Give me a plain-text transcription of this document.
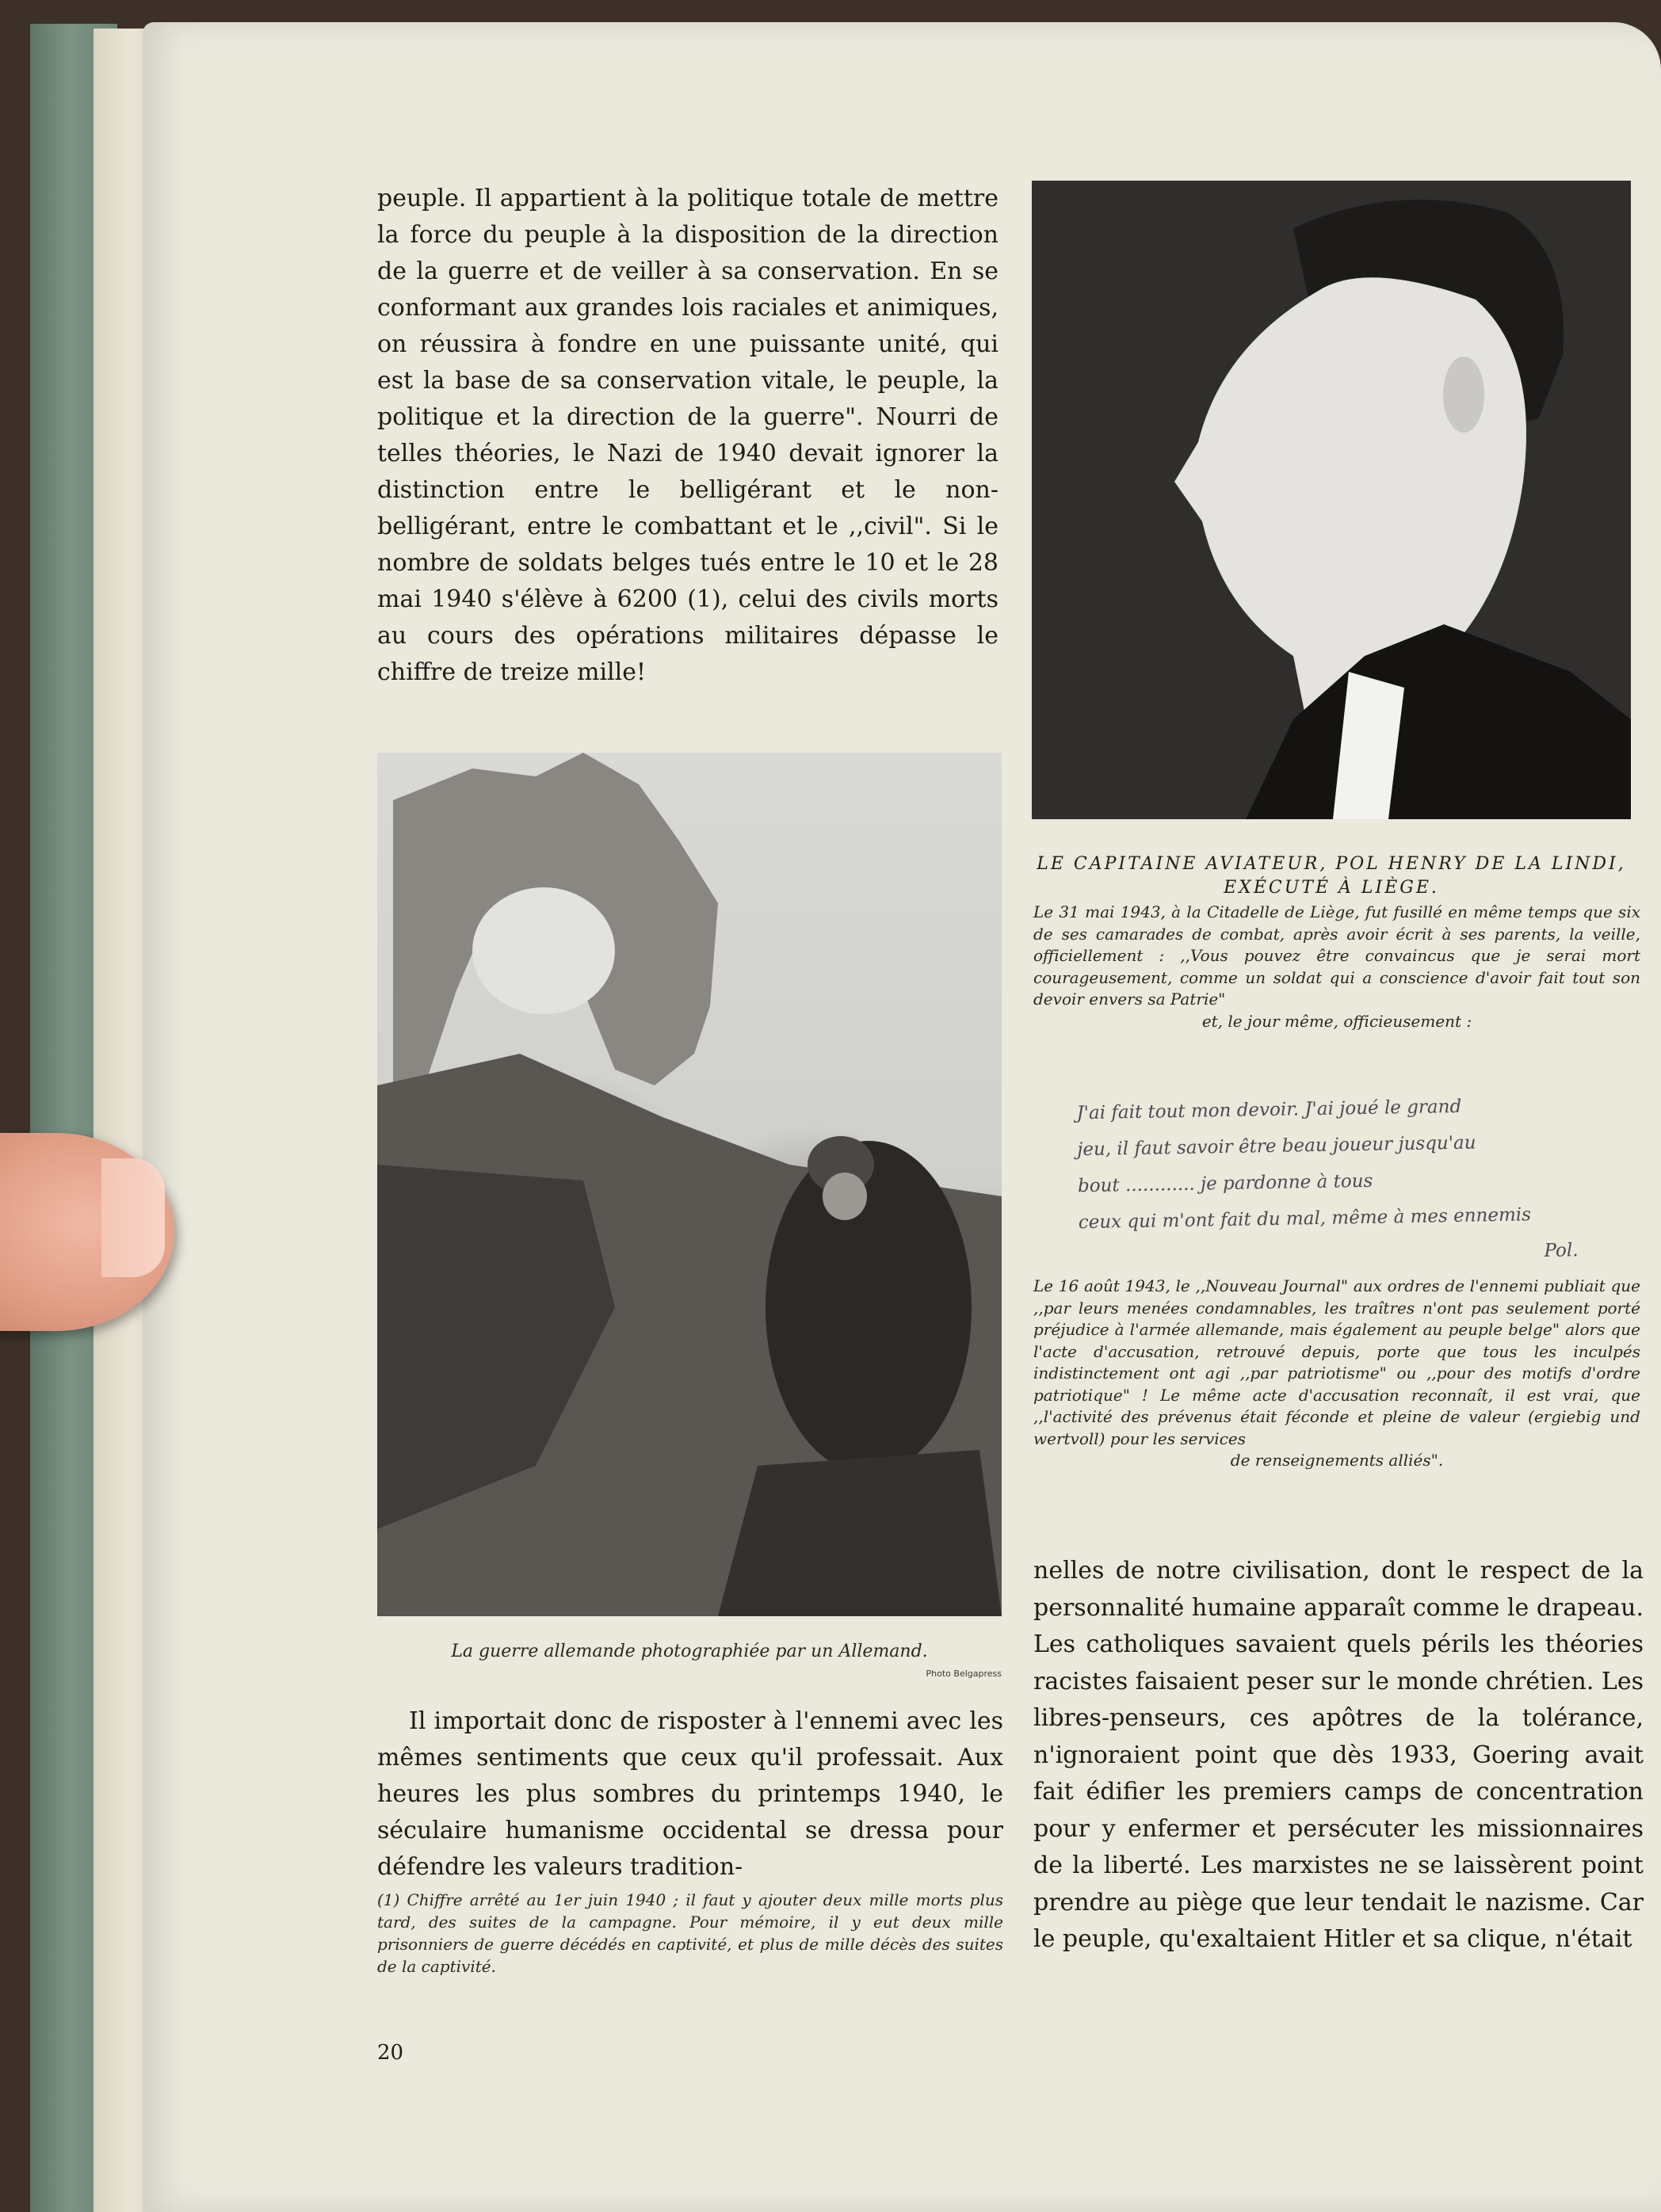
peuple. Il appartient à la politique totale de mettre la force du peuple à la disposition de la direction de la guerre et de veiller à sa conservation. En se conformant aux grandes lois raciales et animiques, on réussira à fondre en une puissante unité, qui est la base de sa conservation vitale, le peuple, la politique et la direction de la guerre". Nourri de telles théories, le Nazi de 1940 devait ignorer la distinction entre le belligérant et le non-belligérant, entre le combattant et le ,,civil". Si le nombre de soldats belges tués entre le 10 et le 28 mai 1940 s'élève à 6200 (1), celui des civils morts au cours des opérations militaires dépasse le chiffre de treize mille!
La guerre allemande photographiée par un Allemand.
Photo Belgapress
Il importait donc de risposter à l'ennemi avec les mêmes sentiments que ceux qu'il professait. Aux heures les plus sombres du printemps 1940, le séculaire humanisme occidental se dressa pour défendre les valeurs tradition-
(1) Chiffre arrêté au 1er juin 1940 ; il faut y ajouter deux mille morts plus tard, des suites de la campagne. Pour mémoire, il y eut deux mille prisonniers de guerre décédés en captivité, et plus de mille décès des suites de la captivité.
LE CAPITAINE AVIATEUR, POL HENRY DE LA LINDI, EXÉCUTÉ À LIÈGE.
Le 31 mai 1943, à la Citadelle de Liège, fut fusillé en même temps que six de ses camarades de combat, après avoir écrit à ses parents, la veille, officiellement : ,,Vous pouvez être convaincus que je serai mort courageusement, comme un soldat qui a conscience d'avoir fait tout son devoir envers sa Patrie"
et, le jour même, officieusement :
J'ai fait tout mon devoir. J'ai joué le grand
jeu, il faut savoir être beau joueur jusqu'au
bout ............ je pardonne à tous
ceux qui m'ont fait du mal, même à mes ennemis
Pol.
Le 16 août 1943, le ,,Nouveau Journal" aux ordres de l'ennemi publiait que ,,par leurs menées condamnables, les traîtres n'ont pas seulement porté préjudice à l'armée allemande, mais également au peuple belge" alors que l'acte d'accusation, retrouvé depuis, porte que tous les inculpés indistinctement ont agi ,,par patriotisme" ou ,,pour des motifs d'ordre patriotique" ! Le même acte d'accusation reconnaît, il est vrai, que ,,l'activité des prévenus était féconde et pleine de valeur (ergiebig und wertvoll) pour les services
de renseignements alliés".
nelles de notre civilisation, dont le respect de la personnalité humaine apparaît comme le drapeau. Les catholiques savaient quels périls les théories racistes faisaient peser sur le monde chrétien. Les libres-penseurs, ces apôtres de la tolérance, n'ignoraient point que dès 1933, Goering avait fait édifier les premiers camps de concentration pour y enfermer et persécuter les missionnaires de la liberté. Les marxistes ne se laissèrent point prendre au piège que leur tendait le nazisme. Car le peuple, qu'exaltaient Hitler et sa clique, n'était
20
